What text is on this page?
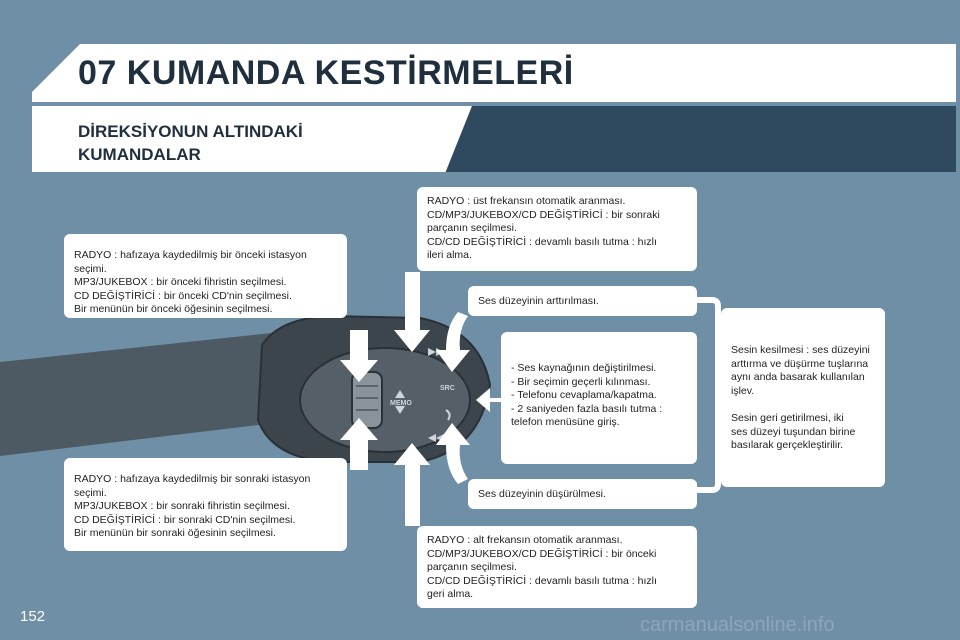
07 KUMANDA KESTİRMELERİ
DİREKSİYONUN ALTINDAKİ
KUMANDALAR
MEMO
SRC
RADYO : hafızaya kaydedilmiş bir önceki istasyon
seçimi.
MP3/JUKEBOX : bir önceki fihristin seçilmesi.
CD DEĞİŞTİRİCİ : bir önceki CD'nin seçilmesi.
Bir menünün bir önceki öğesinin seçilmesi.
RADYO : hafızaya kaydedilmiş bir sonraki istasyon
seçimi.
MP3/JUKEBOX : bir sonraki fihristin seçilmesi.
CD DEĞİŞTİRİCİ : bir sonraki CD'nin seçilmesi.
Bir menünün bir sonraki öğesinin seçilmesi.
RADYO : üst frekansın otomatik aranması.
CD/MP3/JUKEBOX/CD DEĞİŞTİRİCİ : bir sonraki
parçanın seçilmesi.
CD/CD DEĞİŞTİRİCİ : devamlı basılı tutma : hızlı
ileri alma.
Ses düzeyinin arttırılması.
- Ses kaynağının değiştirilmesi.
- Bir seçimin geçerli kılınması.
- Telefonu cevaplama/kapatma.
- 2 saniyeden fazla basılı tutma :
telefon menüsüne giriş.
Ses düzeyinin düşürülmesi.
RADYO : alt frekansın otomatik aranması.
CD/MP3/JUKEBOX/CD DEĞİŞTİRİCİ : bir önceki
parçanın seçilmesi.
CD/CD DEĞİŞTİRİCİ : devamlı basılı tutma : hızlı
geri alma.
Sesin kesilmesi : ses düzeyini
arttırma ve düşürme tuşlarına
aynı anda basarak kullanılan
işlev.
Sesin geri getirilmesi, iki
ses düzeyi tuşundan birine
basılarak gerçekleştirilir.
152	carmanualsonline.info
